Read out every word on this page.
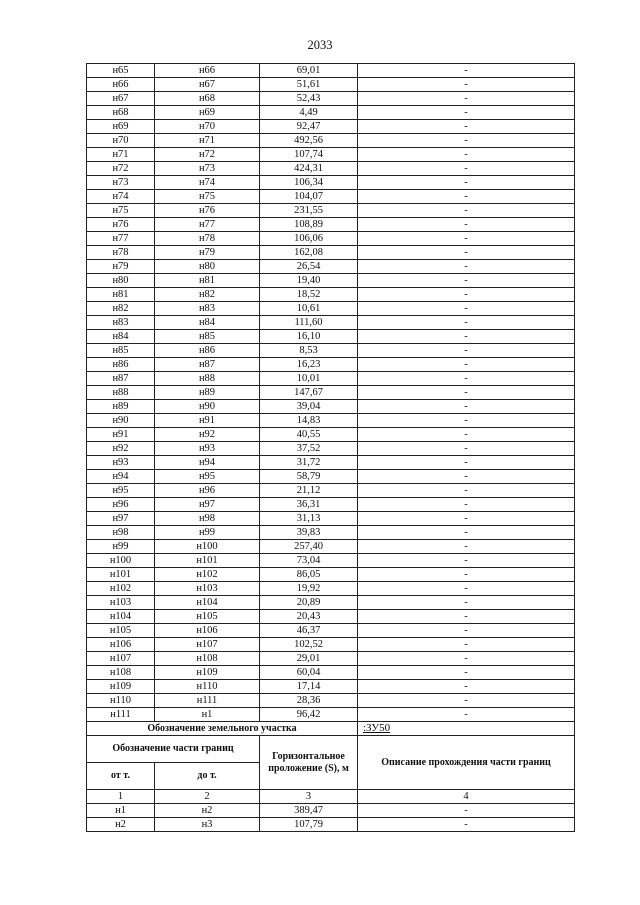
2033
н65	н66	69,01	-
н66	н67	51,61	-
н67	н68	52,43	-
н68	н69	4,49	-
н69	н70	92,47	-
н70	н71	492,56	-
н71	н72	107,74	-
н72	н73	424,31	-
н73	н74	106,34	-
н74	н75	104,07	-
н75	н76	231,55	-
н76	н77	108,89	-
н77	н78	106,06	-
н78	н79	162,08	-
н79	н80	26,54	-
н80	н81	19,40	-
н81	н82	18,52	-
н82	н83	10,61	-
н83	н84	111,60	-
н84	н85	16,10	-
н85	н86	8,53	-
н86	н87	16,23	-
н87	н88	10,01	-
н88	н89	147,67	-
н89	н90	39,04	-
н90	н91	14,83	-
н91	н92	40,55	-
н92	н93	37,52	-
н93	н94	31,72	-
н94	н95	58,79	-
н95	н96	21,12	-
н96	н97	36,31	-
н97	н98	31,13	-
н98	н99	39,83	-
н99	н100	257,40	-
н100	н101	73,04	-
н101	н102	86,05	-
н102	н103	19,92	-
н103	н104	20,89	-
н104	н105	20,43	-
н105	н106	46,37	-
н106	н107	102,52	-
н107	н108	29,01	-
н108	н109	60,04	-
н109	н110	17,14	-
н110	н111	28,36	-
н111	н1	96,42	-
Обозначение земельного участка			:ЗУ50
Обозначение части границ		Горизонтальное проложение (S), м	Описание прохождения части границ
от т.	до т.		
1	2	3	4
н1	н2	389,47	-
н2	н3	107,79	-
